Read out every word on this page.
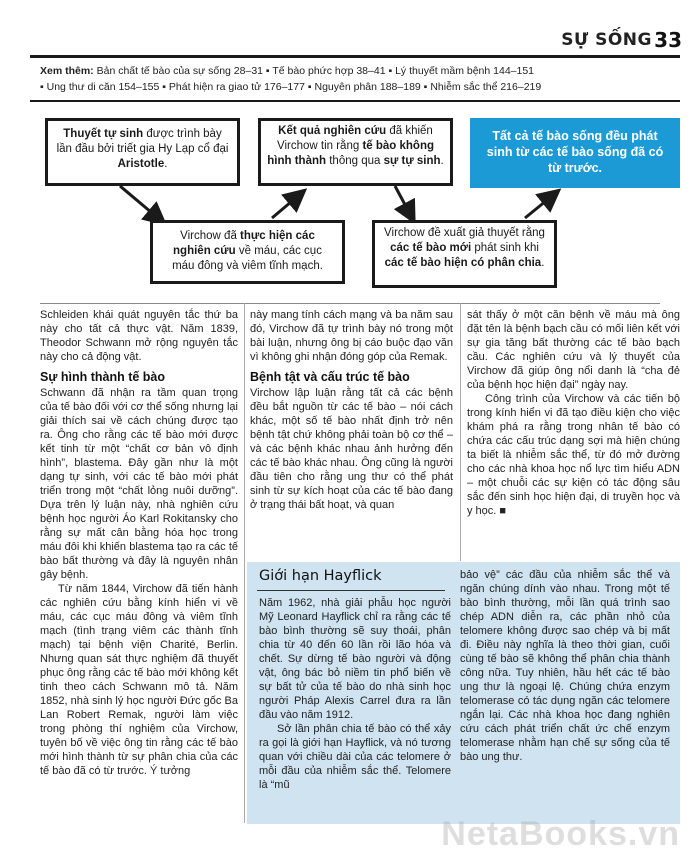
SỰ SỐNG 33
Xem thêm: Bản chất tế bào của sự sống 28–31 ▪ Tế bào phức hợp 38–41 ▪ Lý thuyết mầm bệnh 144–151
▪ Ung thư di căn 154–155 ▪ Phát hiện ra giao tử 176–177 ▪ Nguyên phân 188–189 ▪ Nhiễm sắc thể 216–219
Thuyết tự sinh được trình bày lần đầu bởi triết gia Hy Lạp cổ đại Aristotle.
Kết quả nghiên cứu đã khiến Virchow tin rằng tế bào không hình thành thông qua sự tự sinh.
Tất cả tế bào sống đều phát sinh từ các tế bào sống đã có từ trước.
Virchow đã thực hiện các nghiên cứu về máu, các cục máu đông và viêm tĩnh mạch.
Virchow đề xuất giả thuyết rằng các tế bào mới phát sinh khi các tế bào hiện có phân chia.

Schleiden khái quát nguyên tắc thứ ba này cho tất cả thực vật. Năm 1839, Theodor Schwann mở rộng nguyên tắc này cho cả động vật.

Sự hình thành tế bào

Schwann đã nhận ra tầm quan trọng của tế bào đối với cơ thể sống nhưng lại giải thích sai về cách chúng được tạo ra. Ông cho rằng các tế bào mới được kết tinh từ một “chất cơ bản vô định hình”, blastema. Đây gần như là một dạng tự sinh, với các tế bào mới phát triển trong một “chất lỏng nuôi dưỡng”. Dựa trên lý luận này, nhà nghiên cứu bệnh học người Áo Karl Rokitansky cho rằng sự mất cân bằng hóa học trong máu đôi khi khiến blastema tạo ra các tế bào bất thường và đây là nguyên nhân gây bệnh.

Từ năm 1844, Virchow đã tiến hành các nghiên cứu bằng kính hiển vi về máu, các cục máu đông và viêm tĩnh mạch (tình trạng viêm các thành tĩnh mạch) tại bệnh viện Charité, Berlin. Nhưng quan sát thực nghiệm đã thuyết phục ông rằng các tế bào mới không kết tinh theo cách Schwann mô tả. Năm 1852, nhà sinh lý học người Đức gốc Ba Lan Robert Remak, người làm việc trong phòng thí nghiệm của Virchow, tuyên bố về việc ông tin rằng các tế bào mới hình thành từ sự phân chia của các tế bào đã có từ trước. Ý tưởng

này mang tính cách mạng và ba năm sau đó, Virchow đã tự trình bày nó trong một bài luận, nhưng ông bị cáo buộc đạo văn vì không ghi nhận đóng góp của Remak.

Bệnh tật và cấu trúc tế bào

Virchow lập luận rằng tất cả các bệnh đều bắt nguồn từ các tế bào – nói cách khác, một số tế bào nhất định trở nên bệnh tật chứ không phải toàn bộ cơ thể – và các bệnh khác nhau ảnh hưởng đến các tế bào khác nhau. Ông cũng là người đầu tiên cho rằng ung thư có thể phát sinh từ sự kích hoạt của các tế bào đang ở trạng thái bất hoạt, và quan

sát thấy ở một căn bệnh về máu mà ông đặt tên là bệnh bạch cầu có mối liên kết với sự gia tăng bất thường các tế bào bạch cầu. Các nghiên cứu và lý thuyết của Virchow đã giúp ông nổi danh là “cha đẻ của bệnh học hiện đại” ngày nay.

Công trình của Virchow và các tiến bộ trong kính hiển vi đã tạo điều kiện cho việc khám phá ra rằng trong nhân tế bào có chứa các cấu trúc dạng sợi mà hiện chúng ta biết là nhiễm sắc thể, từ đó mở đường cho các nhà khoa học nổ lực tìm hiểu ADN – một chuỗi các sự kiện có tác động sâu sắc đến sinh học hiện đại, di truyền học và y học. ■

Giới hạn Hayflick

Năm 1962, nhà giải phẫu học người Mỹ Leonard Hayflick chỉ ra rằng các tế bào bình thường sẽ suy thoái, phân chia từ 40 đến 60 lần rồi lão hóa và chết. Sự dừng tế bào người và động vật, ông bác bỏ niềm tin phổ biến về sự bất tử của tế bào do nhà sinh học người Pháp Alexis Carrel đưa ra lần đầu vào năm 1912.

Sở lần phân chia tế bào có thể xảy ra gọi là giới hạn Hayflick, và nó tương quan với chiều dài của các telomere ở mỗi đầu của nhiễm sắc thể. Telomere là “mũ

bảo vệ” các đầu của nhiễm sắc thể và ngăn chúng dính vào nhau. Trong một tế bào bình thường, mỗi lần quá trình sao chép ADN diễn ra, các phần nhỏ của telomere không được sao chép và bị mất đi. Điều này nghĩa là theo thời gian, cuối cùng tế bào sẽ không thể phân chia thành công nữa. Tuy nhiên, hầu hết các tế bào ung thư là ngoại lệ. Chúng chứa enzym telomerase có tác dụng ngăn các telomere ngắn lại. Các nhà khoa học đang nghiên cứu cách phát triển chất ức chế enzym telomerase nhằm hạn chế sự sống của tế bào ung thư.

NetaBooks.vn
